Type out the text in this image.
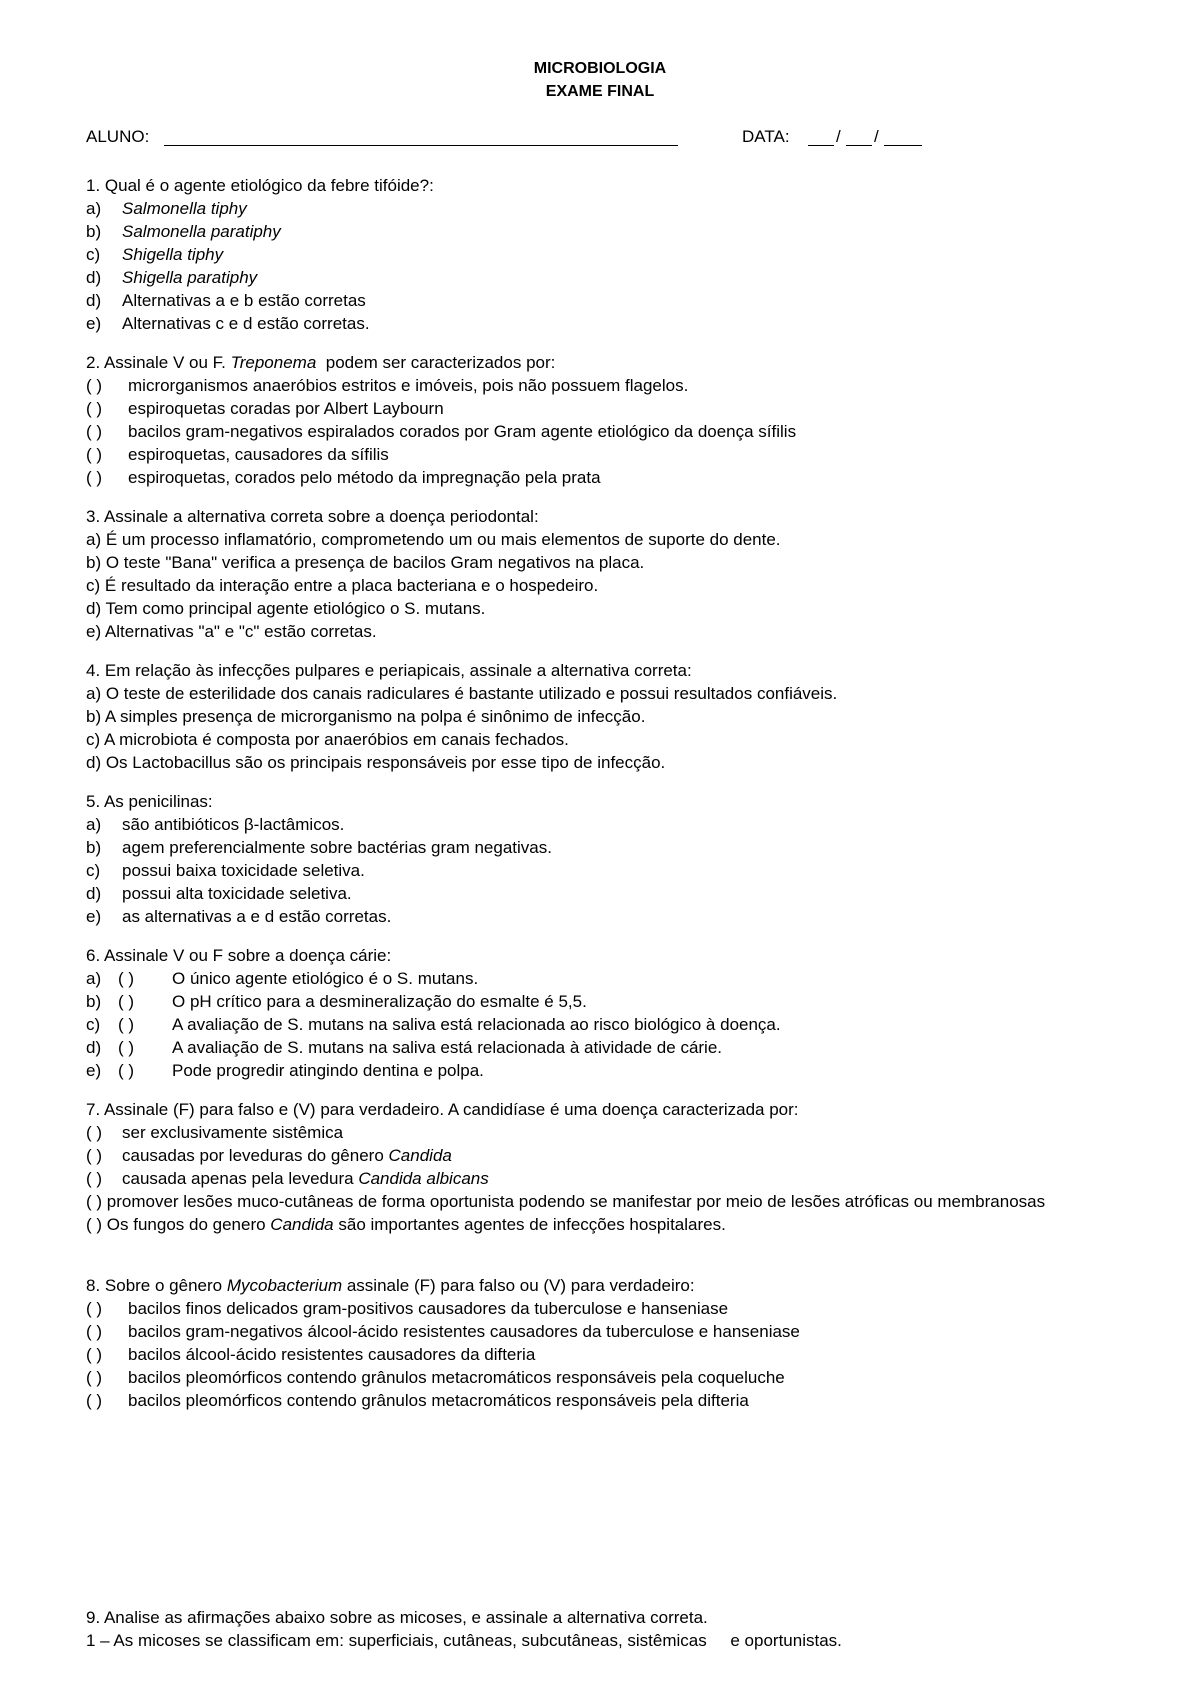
MICROBIOLOGIA
EXAME FINAL
ALUNO:	DATA:	/ /
1. Qual é o agente etiológico da febre tifóide?:
a) Salmonella tiphy
b) Salmonella paratiphy
c) Shigella tiphy
d) Shigella paratiphy
d) Alternativas a e b estão corretas
e) Alternativas c e d estão corretas.
2. Assinale V ou F. Treponema podem ser caracterizados por:
( ) microrganismos anaeróbios estritos e imóveis, pois não possuem flagelos.
( ) espiroquetas coradas por Albert Laybourn
( ) bacilos gram-negativos espiralados corados por Gram agente etiológico da doença sífilis
( ) espiroquetas, causadores da sífilis
( ) espiroquetas, corados pelo método da impregnação pela prata
3. Assinale a alternativa correta sobre a doença periodontal:
a) É um processo inflamatório, comprometendo um ou mais elementos de suporte do dente.
b) O teste "Bana" verifica a presença de bacilos Gram negativos na placa.
c) É resultado da interação entre a placa bacteriana e o hospedeiro.
d) Tem como principal agente etiológico o S. mutans.
e) Alternativas "a" e "c" estão corretas.
4. Em relação às infecções pulpares e periapicais, assinale a alternativa correta:
a) O teste de esterilidade dos canais radiculares é bastante utilizado e possui resultados confiáveis.
b) A simples presença de microrganismo na polpa é sinônimo de infecção.
c) A microbiota é composta por anaeróbios em canais fechados.
d) Os Lactobacillus são os principais responsáveis por esse tipo de infecção.
5. As penicilinas:
a) são antibióticos β-lactâmicos.
b) agem preferencialmente sobre bactérias gram negativas.
c) possui baixa toxicidade seletiva.
d) possui alta toxicidade seletiva.
e) as alternativas a e d estão corretas.
6. Assinale V ou F sobre a doença cárie:
a) ( ) O único agente etiológico é o S. mutans.
b) ( ) O pH crítico para a desmineralização do esmalte é 5,5.
c) ( ) A avaliação de S. mutans na saliva está relacionada ao risco biológico à doença.
d) ( ) A avaliação de S. mutans na saliva está relacionada à atividade de cárie.
e) ( ) Pode progredir atingindo dentina e polpa.
7. Assinale (F) para falso e (V) para verdadeiro. A candidíase é uma doença caracterizada por:
( ) ser exclusivamente sistêmica
( ) causadas por leveduras do gênero Candida
( ) causada apenas pela levedura Candida albicans
( ) promover lesões muco-cutâneas de forma oportunista podendo se manifestar por meio de lesões atróficas ou membranosas
( ) Os fungos do genero Candida são importantes agentes de infecções hospitalares.
8. Sobre o gênero Mycobacterium assinale (F) para falso ou (V) para verdadeiro:
( ) bacilos finos delicados gram-positivos causadores da tuberculose e hanseniase
( ) bacilos gram-negativos álcool-ácido resistentes causadores da tuberculose e hanseniase
( ) bacilos álcool-ácido resistentes causadores da difteria
( ) bacilos pleomórficos contendo grânulos metacromáticos responsáveis pela coqueluche
( ) bacilos pleomórficos contendo grânulos metacromáticos responsáveis pela difteria
9. Analise as afirmações abaixo sobre as micoses, e assinale a alternativa correta.
1 – As micoses se classificam em: superficiais, cutâneas, subcutâneas, sistêmicas     e oportunistas.
